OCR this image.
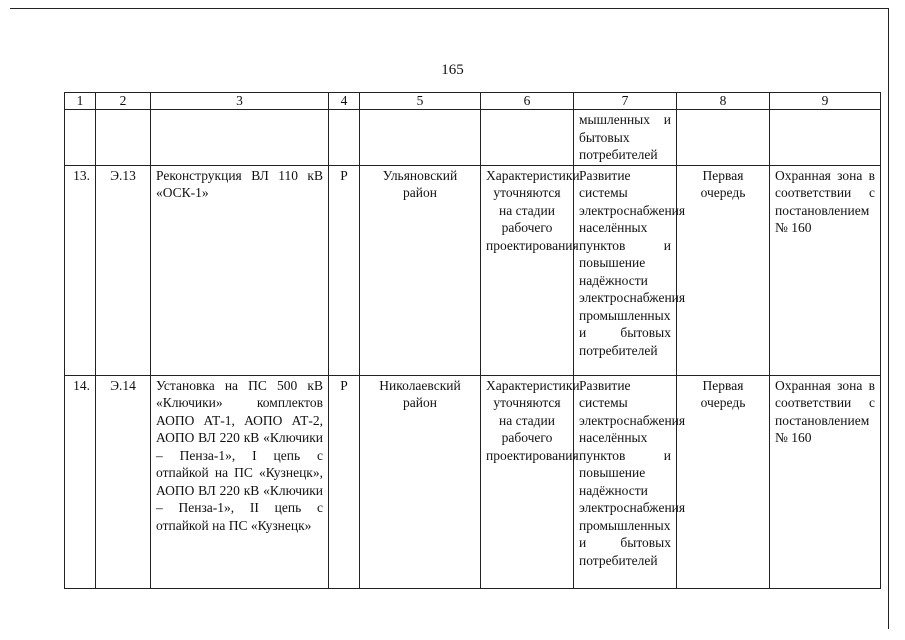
165
1	2	3	4	5	6	7	8	9
						мышленных и бытовых потребителей		
13.	Э.13	Реконструкция ВЛ 110 кВ «ОСК-1»	Р	Ульяновский район	Характеристики уточняются на стадии рабочего проектирования	Развитие системы электроснабжения населённых пунктов и повышение надёжности электроснабжения промышленных и бытовых потребителей	Первая очередь	Охранная зона в соответствии с постановлением № 160
14.	Э.14	Установка на ПС 500 кВ «Ключики» комплектов АОПО АТ-1, АОПО АТ-2, АОПО ВЛ 220 кВ «Ключики – Пенза-1», I цепь с отпайкой на ПС «Кузнецк», АОПО ВЛ 220 кВ «Ключики – Пенза-1», II цепь с отпайкой на ПС «Кузнецк»	Р	Николаевский район	Характеристики уточняются на стадии рабочего проектирования	Развитие системы электроснабжения населённых пунктов и повышение надёжности электроснабжения промышленных и бытовых потребителей	Первая очередь	Охранная зона в соответствии с постановлением № 160
